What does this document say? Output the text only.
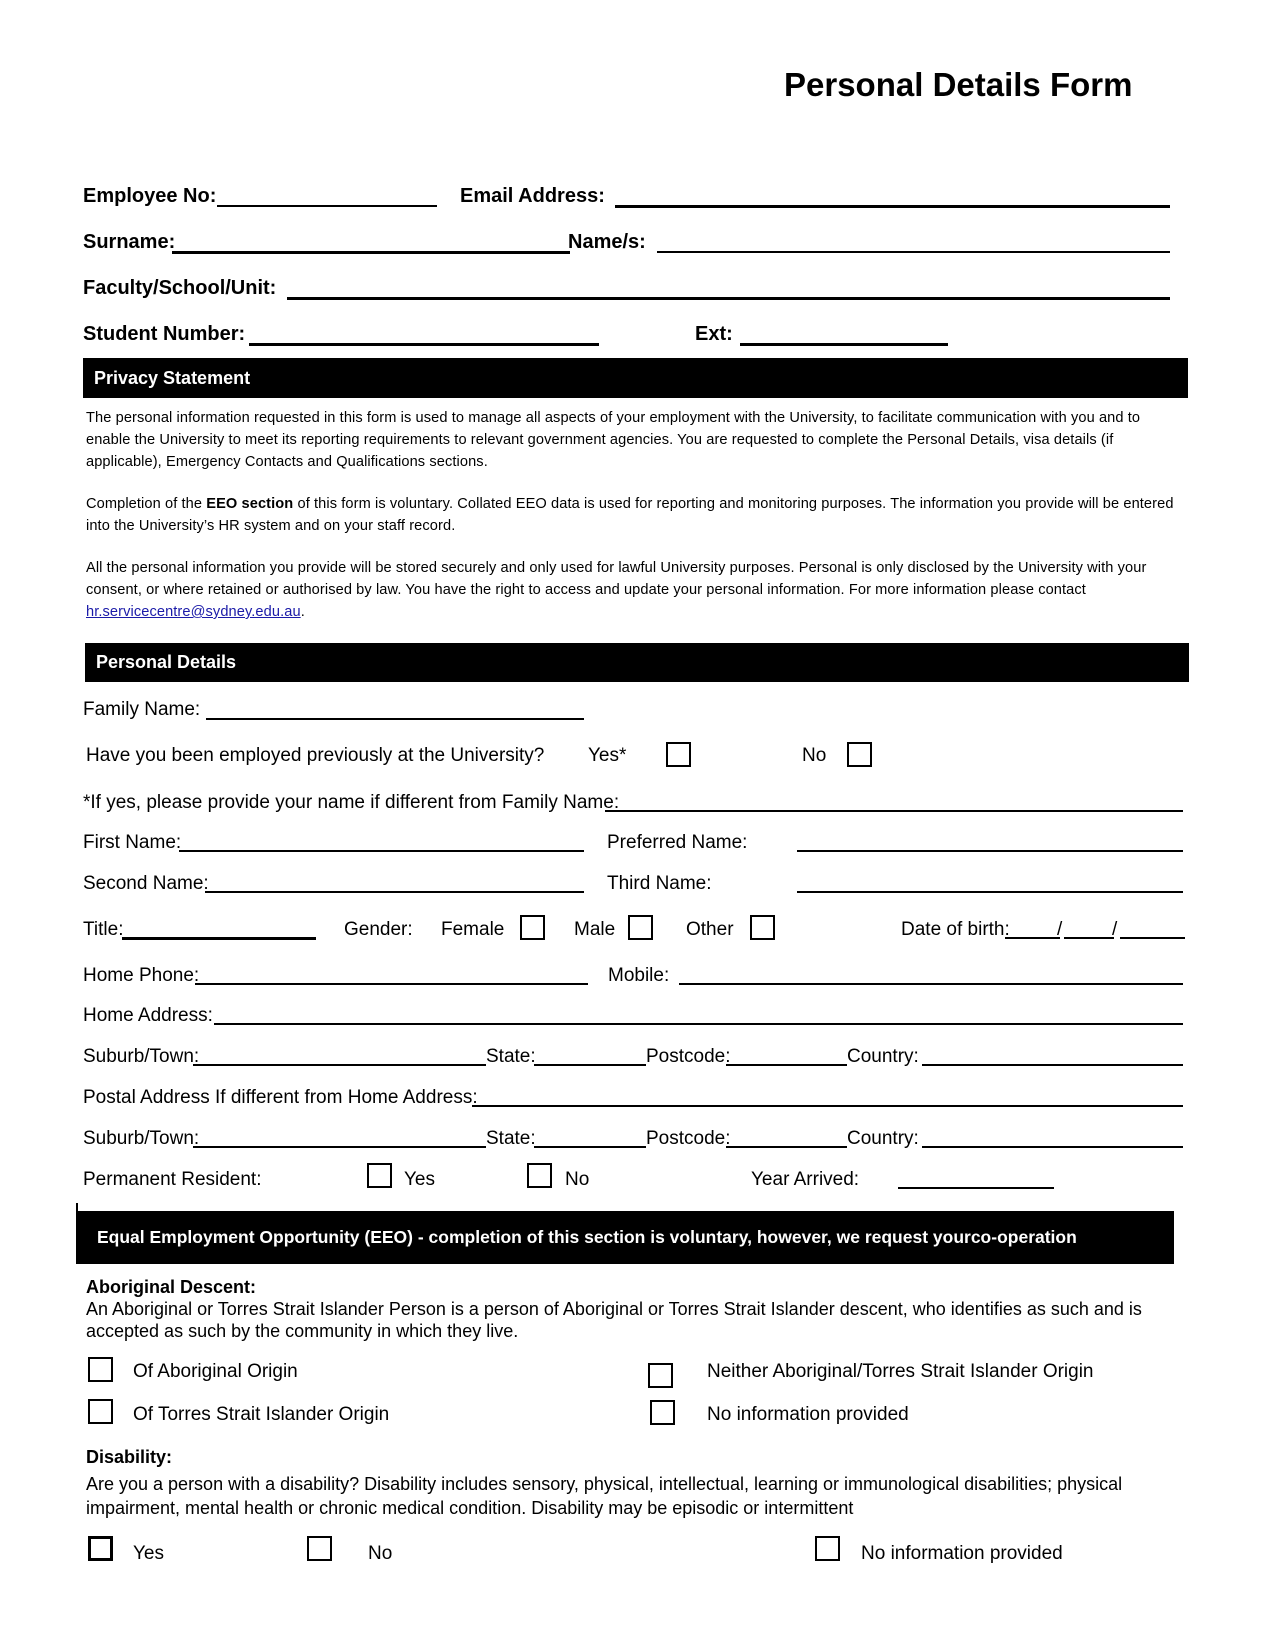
Personal Details Form
Employee No:	Email Address:
Surname:	Name/s:
Faculty/School/Unit:
Student Number:	Ext:
Privacy Statement

The personal information requested in this form is used to manage all aspects of your employment with the University, to facilitate communication with you and to enable the University to meet its reporting requirements to relevant government agencies. You are requested to complete the Personal Details, visa details (if applicable), Emergency Contacts and Qualifications sections.

Completion of the EEO section of this form is voluntary. Collated EEO data is used for reporting and monitoring purposes. The information you provide will be entered into the University’s HR system and on your staff record.

All the personal information you provide will be stored securely and only used for lawful University purposes. Personal is only disclosed by the University with your consent, or where retained or authorised by law. You have the right to access and update your personal information. For more information please contact hr.servicecentre@sydney.edu.au.

Personal Details
Family Name:
Have you been employed previously at the University? Yes*	No
*If yes, please provide your name if different from Family Name:
First Name:	Preferred Name:
Second Name:	Third Name:
Title:	Gender: Female	Male	Other	Date of birth: /	/
Home Phone:	Mobile:
Home Address:
Suburb/Town:	State:	Postcode:	Country:
Postal Address If different from Home Address:
Suburb/Town:	State:	Postcode:	Country:
Permanent Resident:	Yes	No	Year Arrived:
Equal Employment Opportunity (EEO) - completion of this section is voluntary, however, we request yourco-operation
Aboriginal Descent:
An Aboriginal or Torres Strait Islander Person is a person of Aboriginal or Torres Strait Islander descent, who identifies as such and is accepted as such by the community in which they live.
Of Aboriginal Origin	Neither Aboriginal/Torres Strait Islander Origin
Of Torres Strait Islander Origin	No information provided
Disability:
Are you a person with a disability? Disability includes sensory, physical, intellectual, learning or immunological disabilities; physical impairment, mental health or chronic medical condition. Disability may be episodic or intermittent
Yes	No	No information provided
